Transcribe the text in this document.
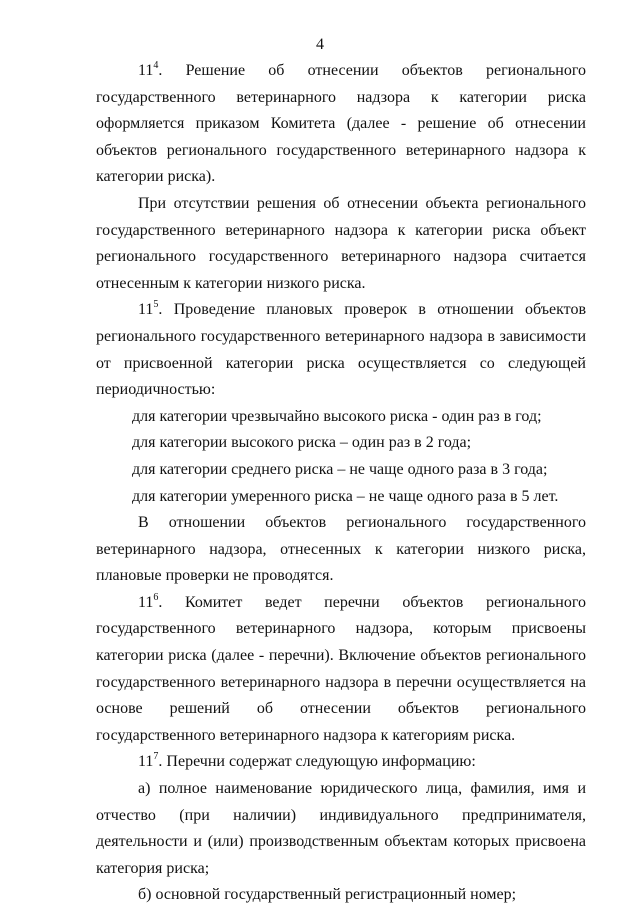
4

$11^4$. Решение об отнесении объектов регионального государственного ветеринарного надзора к категории риска оформляется приказом Комитета (далее - решение об отнесении объектов регионального государственного ветеринарного надзора к категории риска).

При отсутствии решения об отнесении объекта регионального государственного ветеринарного надзора к категории риска объект регионального государственного ветеринарного надзора считается отнесенным к категории низкого риска.

$11^5$. Проведение плановых проверок в отношении объектов регионального государственного ветеринарного надзора в зависимости от присвоенной категории риска осуществляется со следующей периодичностью:

для категории чрезвычайно высокого риска - один раз в год;

для категории высокого риска – один раз в 2 года;

для категории среднего риска – не чаще одного раза в 3 года;

для категории умеренного риска – не чаще одного раза в 5 лет.

В отношении объектов регионального государственного ветеринарного надзора, отнесенных к категории низкого риска, плановые проверки не проводятся.

$11^6$. Комитет ведет перечни объектов регионального государственного ветеринарного надзора, которым присвоены категории риска (далее - перечни). Включение объектов регионального государственного ветеринарного надзора в перечни осуществляется на основе решений об отнесении объектов регионального государственного ветеринарного надзора к категориям риска.

$11^7$. Перечни содержат следующую информацию:

а) полное наименование юридического лица, фамилия, имя и отчество (при наличии) индивидуального предпринимателя, деятельности и (или) производственным объектам которых присвоена категория риска;

б) основной государственный регистрационный номер;
